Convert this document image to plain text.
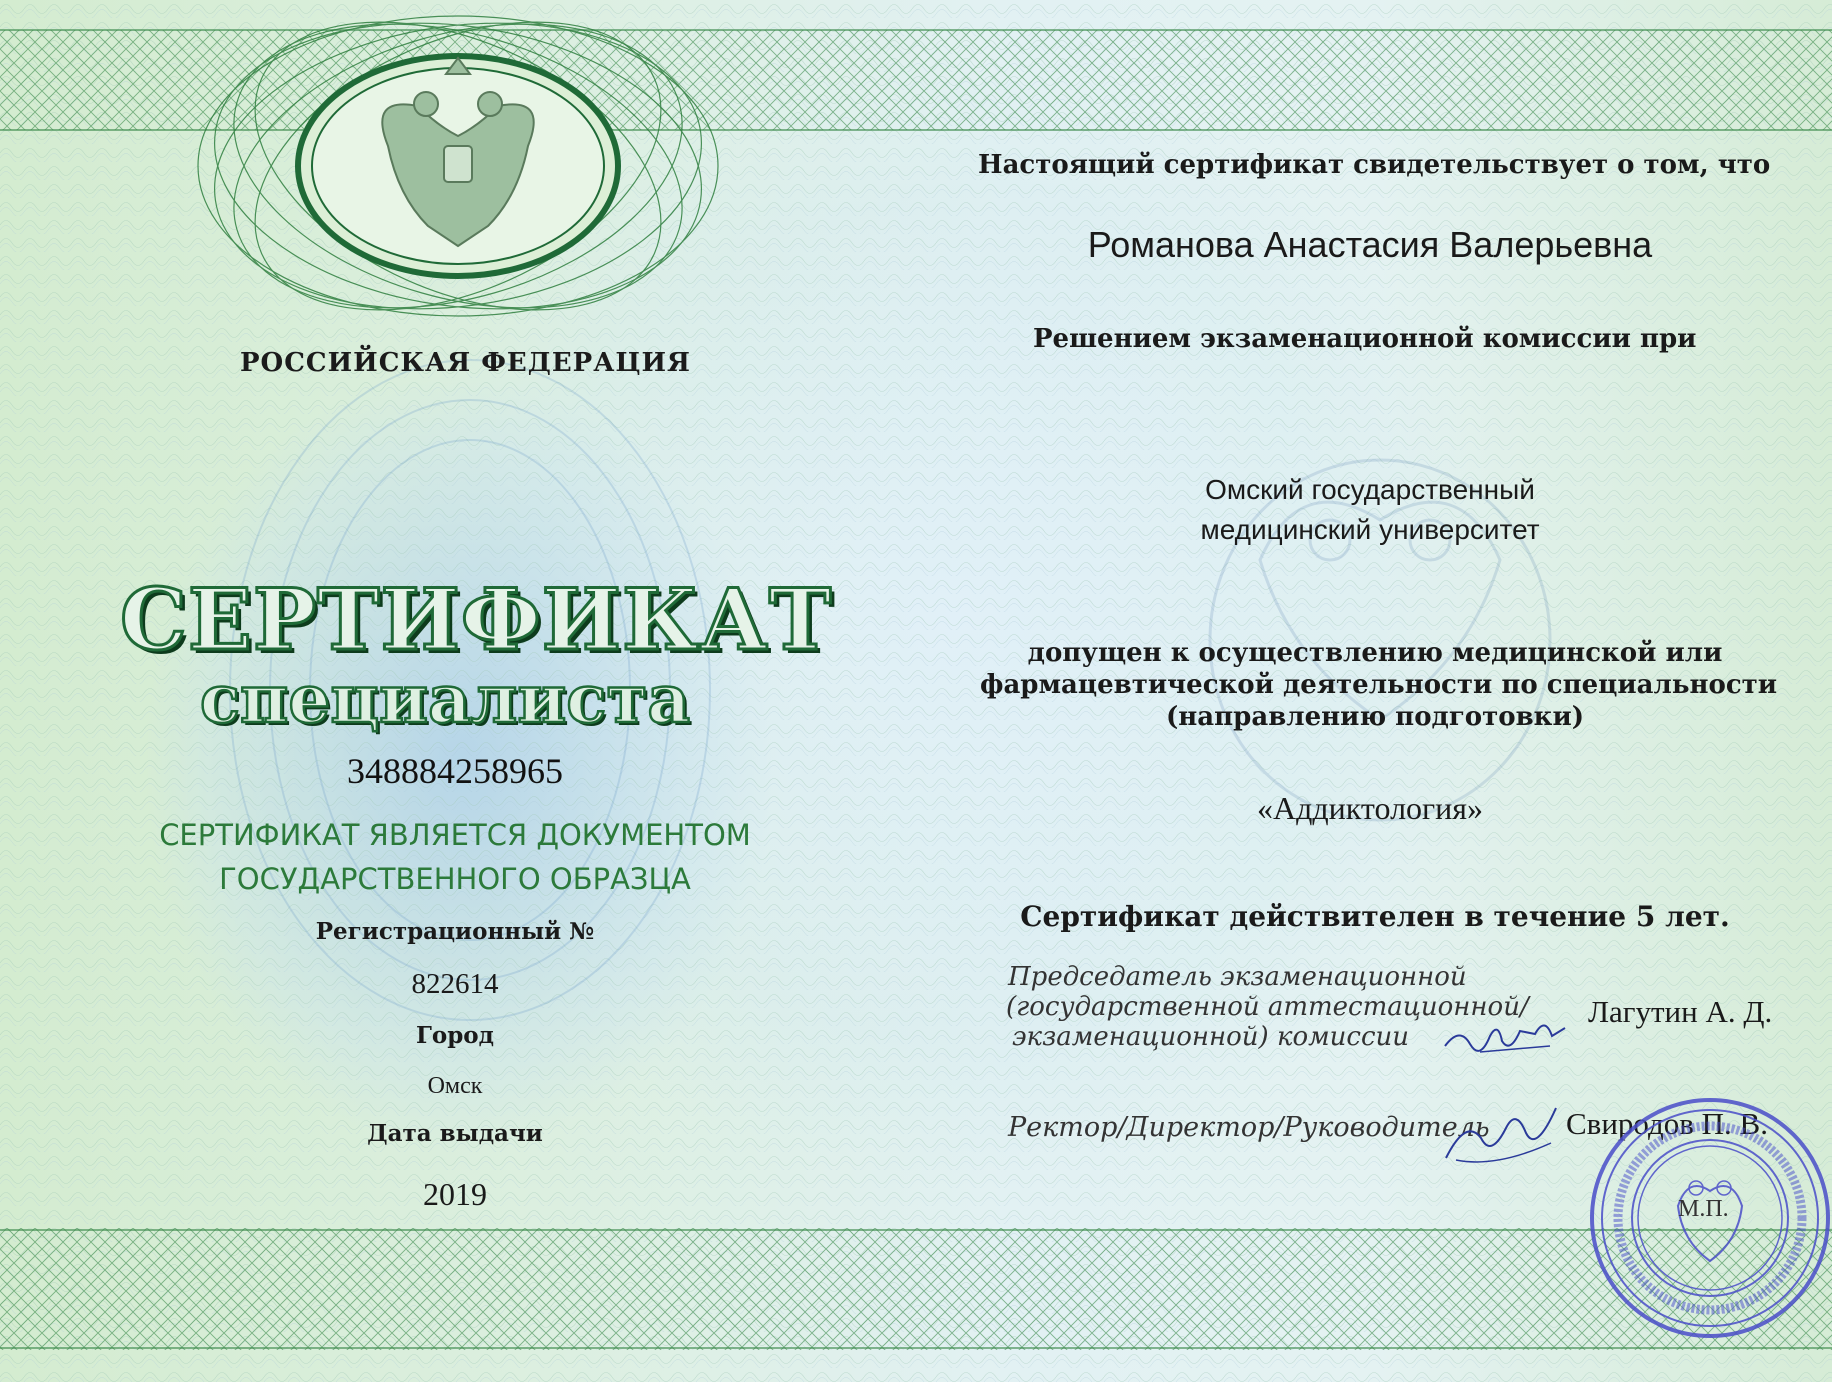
РОССИЙСКАЯ ФЕДЕРАЦИЯ
СЕРТИФИКАТ
специалиста
348884258965
СЕРТИФИКАТ ЯВЛЯЕТСЯ ДОКУМЕНТОМ
ГОСУДАРСТВЕННОГО ОБРАЗЦА
Регистрационный №
822614
Город
Омск
Дата выдачи
2019
Настоящий сертификат свидетельствует о том, что
Романова Анастасия Валерьевна
Решением экзаменационной комиссии при
Омский государственный
медицинский университет
допущен к осуществлению медицинской или
фармацевтической деятельности по специальности
(направлению подготовки)
«Аддиктология»
Сертификат действителен в течение 5 лет.
Председатель экзаменационной
(государственной аттестационной/
экзаменационной) комиссии
Лагутин А. Д.
Ректор/Директор/Руководитель Свиродов П. В.
М.П.
